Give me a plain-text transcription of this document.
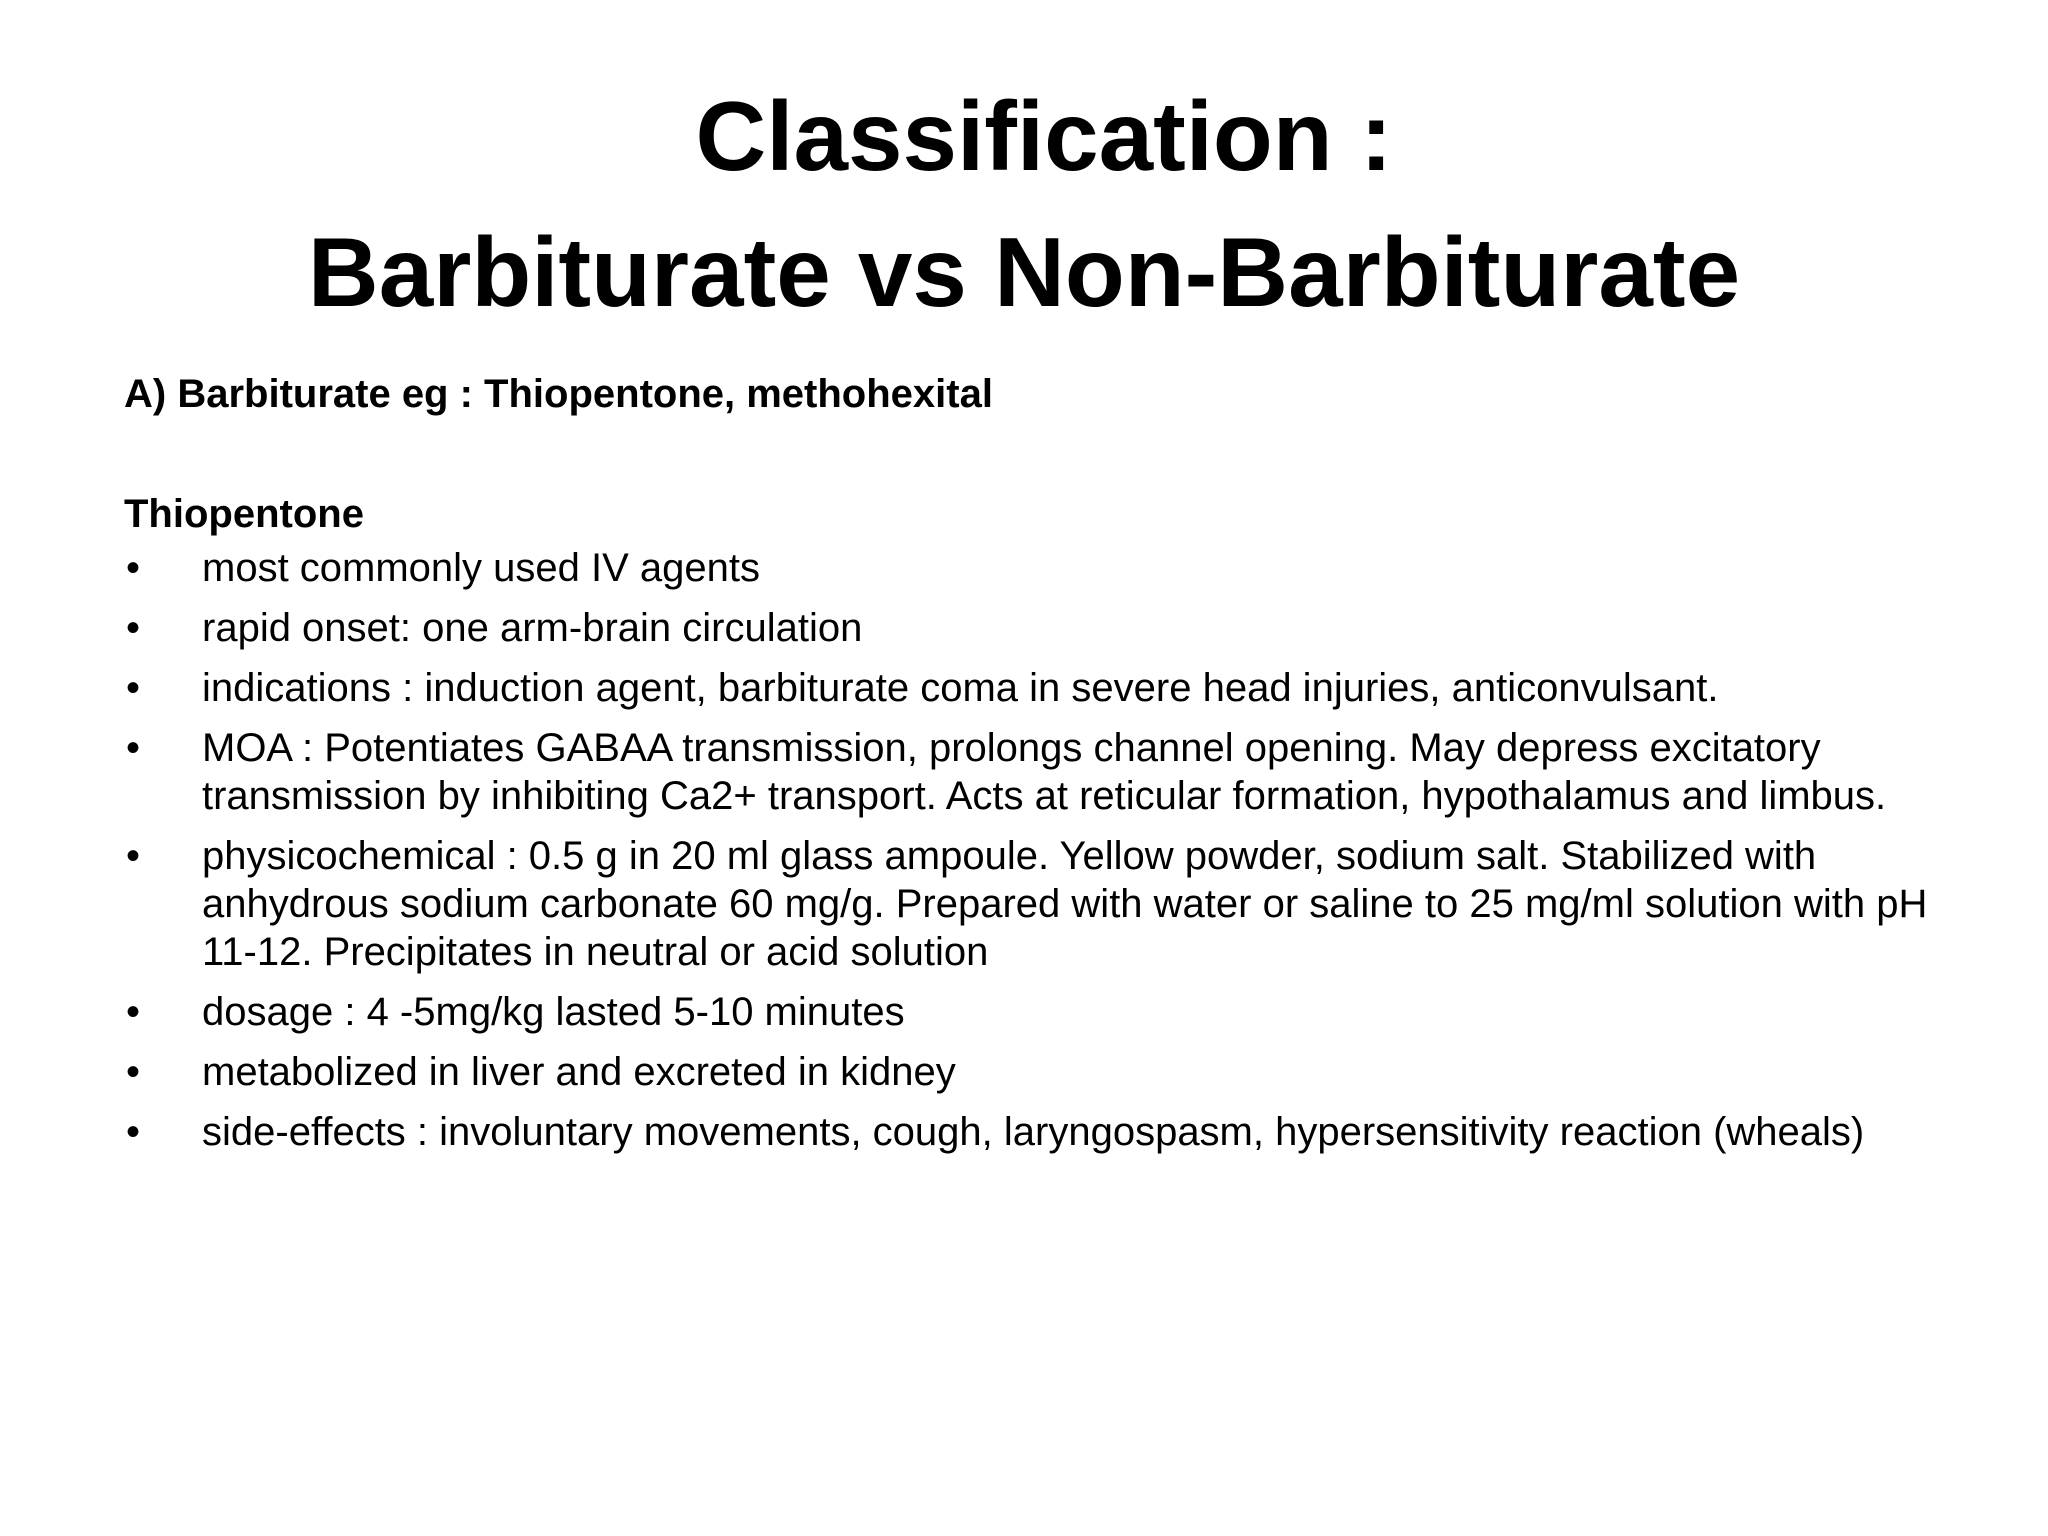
Classification :
Barbiturate vs Non-Barbiturate
A) Barbiturate eg : Thiopentone, methohexital
Thiopentone
•	most commonly used IV agents
•	rapid onset: one arm-brain circulation
•	indications : induction agent, barbiturate coma in severe head injuries, anticonvulsant.
•	MOA : Potentiates GABAA transmission, prolongs channel opening. May depress excitatory transmission by inhibiting Ca2+ transport. Acts at reticular formation, hypothalamus and limbus.
•	physicochemical : 0.5 g in 20 ml glass ampoule. Yellow powder, sodium salt. Stabilized with anhydrous sodium carbonate 60 mg/g. Prepared with water or saline to 25 mg/ml solution with pH 11-12. Precipitates in neutral or acid solution
•	dosage : 4 -5mg/kg lasted 5-10 minutes
•	metabolized in liver and excreted in kidney
•	side-effects : involuntary movements, cough, laryngospasm, hypersensitivity reaction (wheals)
